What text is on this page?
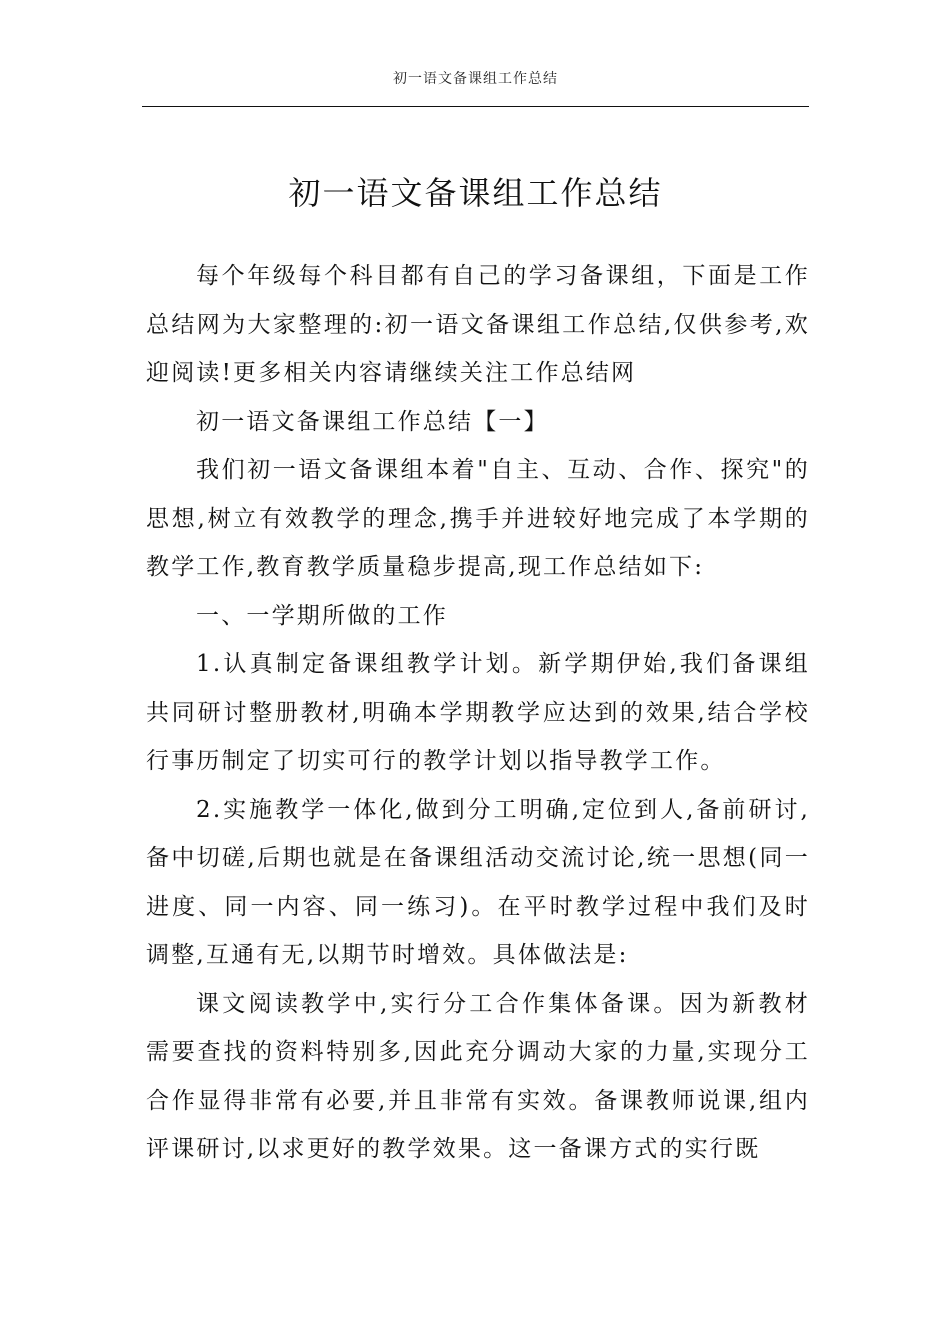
初一语文备课组工作总结
初一语文备课组工作总结

每个年级每个科目都有自己的学习备课组，下面是工作总结网为大家整理的:初一语文备课组工作总结,仅供参考,欢迎阅读!更多相关内容请继续关注工作总结网

初一语文备课组工作总结【一】

我们初一语文备课组本着"自主、互动、合作、探究"的思想,树立有效教学的理念,携手并进较好地完成了本学期的教学工作,教育教学质量稳步提高,现工作总结如下:

一、一学期所做的工作

1.认真制定备课组教学计划。新学期伊始,我们备课组共同研讨整册教材,明确本学期教学应达到的效果,结合学校行事历制定了切实可行的教学计划以指导教学工作。

2.实施教学一体化,做到分工明确,定位到人,备前研讨,备中切磋,后期也就是在备课组活动交流讨论,统一思想(同一进度、同一内容、同一练习)。在平时教学过程中我们及时调整,互通有无,以期节时增效。具体做法是:

课文阅读教学中,实行分工合作集体备课。因为新教材需要查找的资料特别多,因此充分调动大家的力量,实现分工合作显得非常有必要,并且非常有实效。备课教师说课,组内评课研讨,以求更好的教学效果。这一备课方式的实行既
